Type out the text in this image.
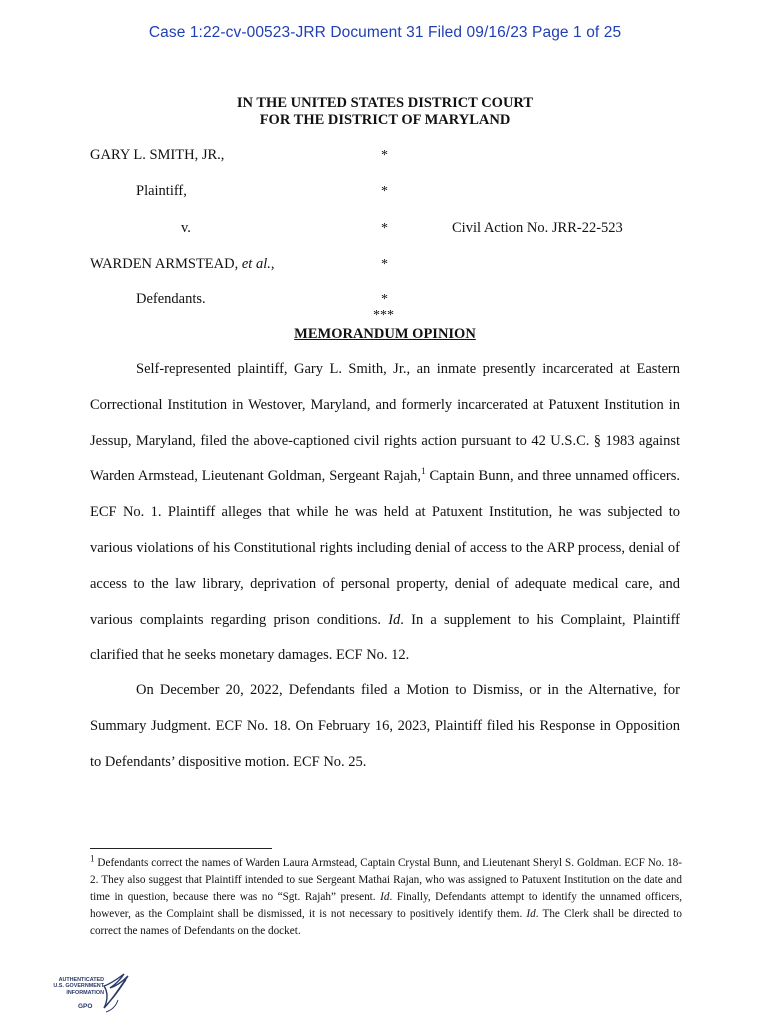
Case 1:22-cv-00523-JRR Document 31 Filed 09/16/23 Page 1 of 25
IN THE UNITED STATES DISTRICT COURT
FOR THE DISTRICT OF MARYLAND
GARY L. SMITH, JR.,	*
Plaintiff,	*
v.	*	Civil Action No. JRR-22-523
WARDEN ARMSTEAD, et al.,	*
Defendants.	*
***
MEMORANDUM OPINION

Self-represented plaintiff, Gary L. Smith, Jr., an inmate presently incarcerated at Eastern Correctional Institution in Westover, Maryland, and formerly incarcerated at Patuxent Institution in Jessup, Maryland, filed the above-captioned civil rights action pursuant to 42 U.S.C. § 1983 against Warden Armstead, Lieutenant Goldman, Sergeant Rajah,$^1$ Captain Bunn, and three unnamed officers. ECF No. 1. Plaintiff alleges that while he was held at Patuxent Institution, he was subjected to various violations of his Constitutional rights including denial of access to the ARP process, denial of access to the law library, deprivation of personal property, denial of adequate medical care, and various complaints regarding prison conditions. Id. In a supplement to his Complaint, Plaintiff clarified that he seeks monetary damages. ECF No. 12.

On December 20, 2022, Defendants filed a Motion to Dismiss, or in the Alternative, for Summary Judgment. ECF No. 18. On February 16, 2023, Plaintiff filed his Response in Opposition to Defendants’ dispositive motion. ECF No. 25.

$^1$ Defendants correct the names of Warden Laura Armstead, Captain Crystal Bunn, and Lieutenant Sheryl S. Goldman. ECF No. 18-2. They also suggest that Plaintiff intended to sue Sergeant Mathai Rajan, who was assigned to Patuxent Institution on the date and time in question, because there was no “Sgt. Rajah” present. Id. Finally, Defendants attempt to identify the unnamed officers, however, as the Complaint shall be dismissed, it is not necessary to positively identify them. Id. The Clerk shall be directed to correct the names of Defendants on the docket.

AUTHENTICATED
U.S. GOVERNMENT
INFORMATION
GPO
